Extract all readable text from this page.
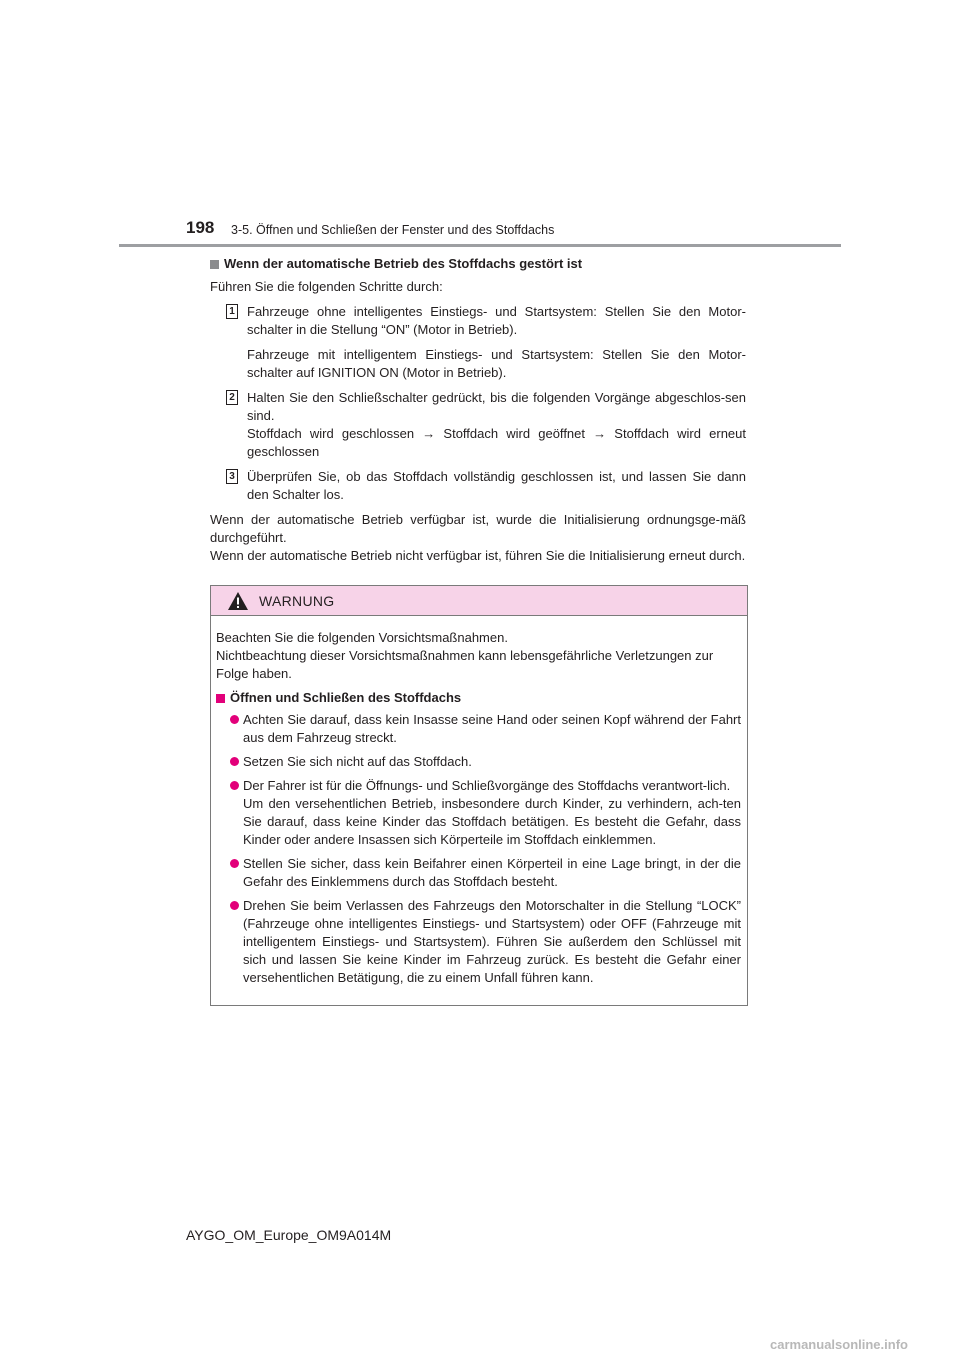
198 3-5. Öffnen und Schließen der Fenster und des Stoffdachs
Wenn der automatische Betrieb des Stoffdachs gestört ist

Führen Sie die folgenden Schritte durch:

1 Fahrzeuge ohne intelligentes Einstiegs- und Startsystem: Stellen Sie den Motor-schalter in die Stellung “ON” (Motor in Betrieb).

Fahrzeuge mit intelligentem Einstiegs- und Startsystem: Stellen Sie den Motor-schalter auf IGNITION ON (Motor in Betrieb).

2 Halten Sie den Schließschalter gedrückt, bis die folgenden Vorgänge abgeschlos-sen sind.

Stoffdach wird geschlossen → Stoffdach wird geöffnet → Stoffdach wird erneut geschlossen

3 Überprüfen Sie, ob das Stoffdach vollständig geschlossen ist, und lassen Sie dann den Schalter los.

Wenn der automatische Betrieb verfügbar ist, wurde die Initialisierung ordnungsge-mäß durchgeführt.

Wenn der automatische Betrieb nicht verfügbar ist, führen Sie die Initialisierung erneut durch.

WARNUNG

Beachten Sie die folgenden Vorsichtsmaßnahmen.
Nichtbeachtung dieser Vorsichtsmaßnahmen kann lebensgefährliche Verletzungen zur Folge haben.

Öffnen und Schließen des Stoffdachs

Achten Sie darauf, dass kein Insasse seine Hand oder seinen Kopf während der Fahrt aus dem Fahrzeug streckt.

Setzen Sie sich nicht auf das Stoffdach.

Der Fahrer ist für die Öffnungs- und Schließvorgänge des Stoffdachs verantwort-lich.

Um den versehentlichen Betrieb, insbesondere durch Kinder, zu verhindern, ach-ten Sie darauf, dass keine Kinder das Stoffdach betätigen. Es besteht die Gefahr, dass Kinder oder andere Insassen sich Körperteile im Stoffdach einklemmen.

Stellen Sie sicher, dass kein Beifahrer einen Körperteil in eine Lage bringt, in der die Gefahr des Einklemmens durch das Stoffdach besteht.

Drehen Sie beim Verlassen des Fahrzeugs den Motorschalter in die Stellung “LOCK” (Fahrzeuge ohne intelligentes Einstiegs- und Startsystem) oder OFF (Fahrzeuge mit intelligentem Einstiegs- und Startsystem). Führen Sie außerdem den Schlüssel mit sich und lassen Sie keine Kinder im Fahrzeug zurück. Es besteht die Gefahr einer versehentlichen Betätigung, die zu einem Unfall führen kann.

AYGO_OM_Europe_OM9A014M
carmanualsonline.info
